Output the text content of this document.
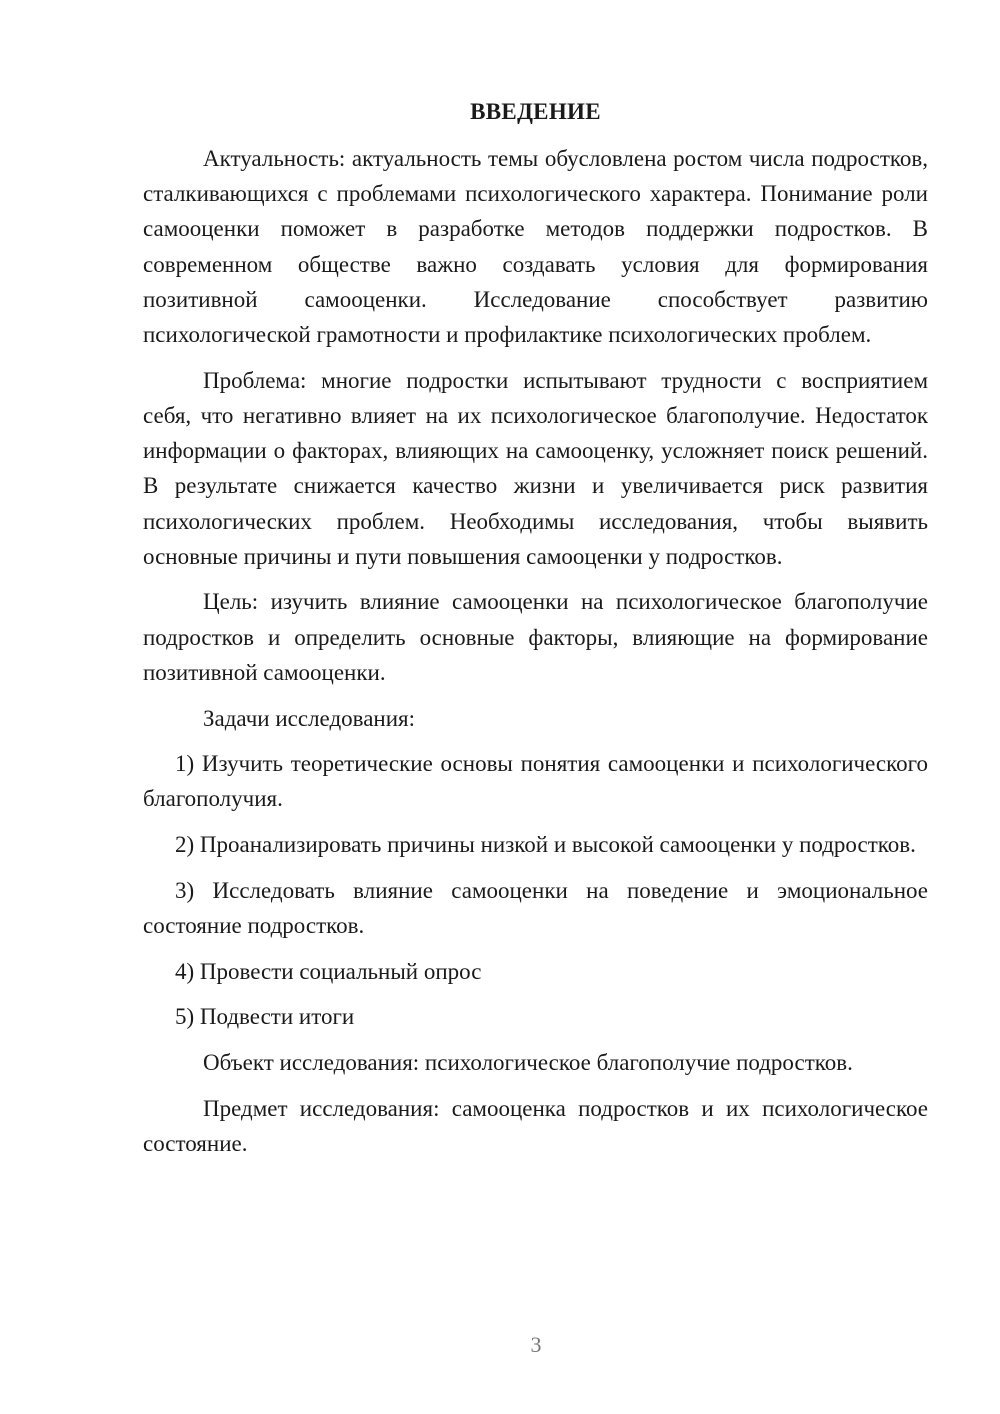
ВВЕДЕНИЕ

Актуальность: актуальность темы обусловлена ростом числа подростков, сталкивающихся с проблемами психологического характера. Понимание роли самооценки поможет в разработке методов поддержки подростков. В современном обществе важно создавать условия для формирования позитивной самооценки. Исследование способствует развитию психологической грамотности и профилактике психологических проблем.

Проблема: многие подростки испытывают трудности с восприятием себя, что негативно влияет на их психологическое благополучие. Недостаток информации о факторах, влияющих на самооценку, усложняет поиск решений. В результате снижается качество жизни и увеличивается риск развития психологических проблем. Необходимы исследования, чтобы выявить основные причины и пути повышения самооценки у подростков.

Цель: изучить влияние самооценки на психологическое благополучие подростков и определить основные факторы, влияющие на формирование позитивной самооценки.

Задачи исследования:

1) Изучить теоретические основы понятия самооценки и психологического благополучия.

2) Проанализировать причины низкой и высокой самооценки у подростков.

3) Исследовать влияние самооценки на поведение и эмоциональное состояние подростков.

4) Провести социальный опрос

5) Подвести итоги

Объект исследования: психологическое благополучие подростков.

Предмет исследования: самооценка подростков и их психологическое состояние.

3
